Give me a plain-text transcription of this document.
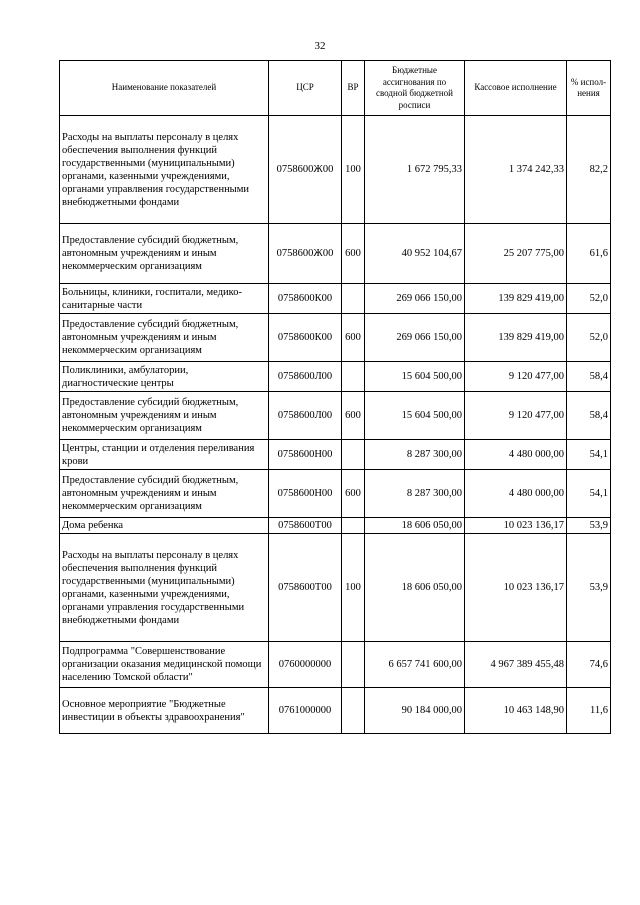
32
Наименование показателей	ЦСР	ВР	Бюджетные ассигнования по сводной бюджетной росписи	Кассовое исполнение	% испол-нения
Расходы на выплаты персоналу в целях обеспечения выполнения функций государственными (муниципальными) органами, казенными учреждениями, органами управлвения государственными внебюджетными фондами	0758600Ж00	100	1 672 795,33	1 374 242,33	82,2
Предоставление субсидий бюджетным, автономным учреждениям и иным некоммерческим организациям	0758600Ж00	600	40 952 104,67	25 207 775,00	61,6
Больницы, клиники, госпитали, медико-санитарные части	0758600К00		269 066 150,00	139 829 419,00	52,0
Предоставление субсидий бюджетным, автономным учреждениям и иным некоммерческим организациям	0758600К00	600	269 066 150,00	139 829 419,00	52,0
Поликлиники, амбулатории, диагностические центры	0758600Л00		15 604 500,00	9 120 477,00	58,4
Предоставление субсидий бюджетным, автономным учреждениям и иным некоммерческим организациям	0758600Л00	600	15 604 500,00	9 120 477,00	58,4
Центры, станции и отделения переливания крови	0758600Н00		8 287 300,00	4 480 000,00	54,1
Предоставление субсидий бюджетным, автономным учреждениям и иным некоммерческим организациям	0758600Н00	600	8 287 300,00	4 480 000,00	54,1
Дома ребенка	0758600Т00		18 606 050,00	10 023 136,17	53,9
Расходы на выплаты персоналу в целях обеспечения выполнения функций государственными (муниципальными) органами, казенными учреждениями, органами управления государственными внебюджетными фондами	0758600Т00	100	18 606 050,00	10 023 136,17	53,9
Подпрограмма "Совершенствование организации оказания медицинской помощи населению Томской области"	0760000000		6 657 741 600,00	4 967 389 455,48	74,6
Основное мероприятие "Бюджетные инвестиции в объекты здравоохранения"	0761000000		90 184 000,00	10 463 148,90	11,6
